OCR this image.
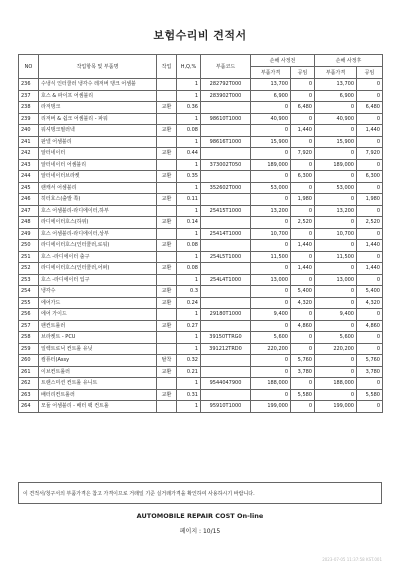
보험수리비 견적서
NO	작업항목 및 부품명	작업	H,Q,%	부품코드	손해 사정전		손해 사정후	
					부품가격	공임	부품가격	공임
236	수냉식 인터쿨러 냉각수 레저버 탱크 어셈블		1	282792T000	13,700	0	13,700	0
237	호스 & 파이프 어셈블리		1	283902T000	6,900	0	6,900	0
238	라저탱크	교환	0.36		0	6,480	0	6,480
239	리저버 & 쉽크 어셈블리 - 파워		1	98610T1000	40,900	0	40,900	0
240	워셔탱크필러넥	교환	0.08		0	1,440	0	1,440
241	판넬 어셈블리		1	98616T1000	15,900	0	15,900	0
242	알터네이터	교환	0.44		0	7,920	0	7,920
243	알터네이터 어셈블리		1	373002T050	189,000	0	189,000	0
244	알터네이터브라켓	교환	0.35		0	6,300	0	6,300
245	랜캐서 어셈블리		1	352602T000	53,000	0	53,000	0
246	히터호스(출발 쪽)	교환	0.11		0	1,980	0	1,980
247	호스 어셈블리-라디에이터,하부		1	25415T1000	13,200	0	13,200	0
248	라디에이터호스(하위)	교환	0.14		0	2,520	0	2,520
249	호스 어셈블리-라디에이터,상부		1	25414T1000	10,700	0	10,700	0
250	라디에이터호스(인터쿨러,로워)	교환	0.08		0	1,440	0	1,440
251	호스 -라디에이터 출구		1	254L5T1000	11,500	0	11,500	0
252	라디에이터호스(인터쿨러,어퍼)	교환	0.08		0	1,440	0	1,440
253	호스 -라디에이터 입구		1	254L4T1000	13,000	0	13,000	0
254	냉각수	교환	0.3		0	5,400	0	5,400
255	에어가드	교환	0.24		0	4,320	0	4,320
256	에어 가이드		1	29180T1000	9,400	0	9,400	0
257	팬컨트롤러	교환	0.27		0	4,860	0	4,860
258	브라켓트 - PCU		1	39150TTRG0	5,600	0	5,600	0
259	일렉트로닉 컨트롤 유닛		1	391212TRD0	220,200	0	220,200	0
260	컴퓨터(Assy	탈착	0.32		0	5,760	0	5,760
261	이브컨트롤러	교환	0.21		0	3,780	0	3,780
262	트랜스미션 컨트롤 유니트		1	9544047900	188,000	0	188,000	0
263	배터리컨트롤러	교환	0.31		0	5,580	0	5,580
264	모듈 어셈블리 - 배터 팩 컨트롤		1	95910T1000	199,000	0	199,000	0
이 견적서/청구서의 부품가격은 참고 가격이므로 거래일 기준 실거래가격을 확인하여 사용하시기 바랍니다.
AUTOMOBILE REPAIR COST On-line
페이지 : 10/15
2023-07-05 11:37:58 KST.001
